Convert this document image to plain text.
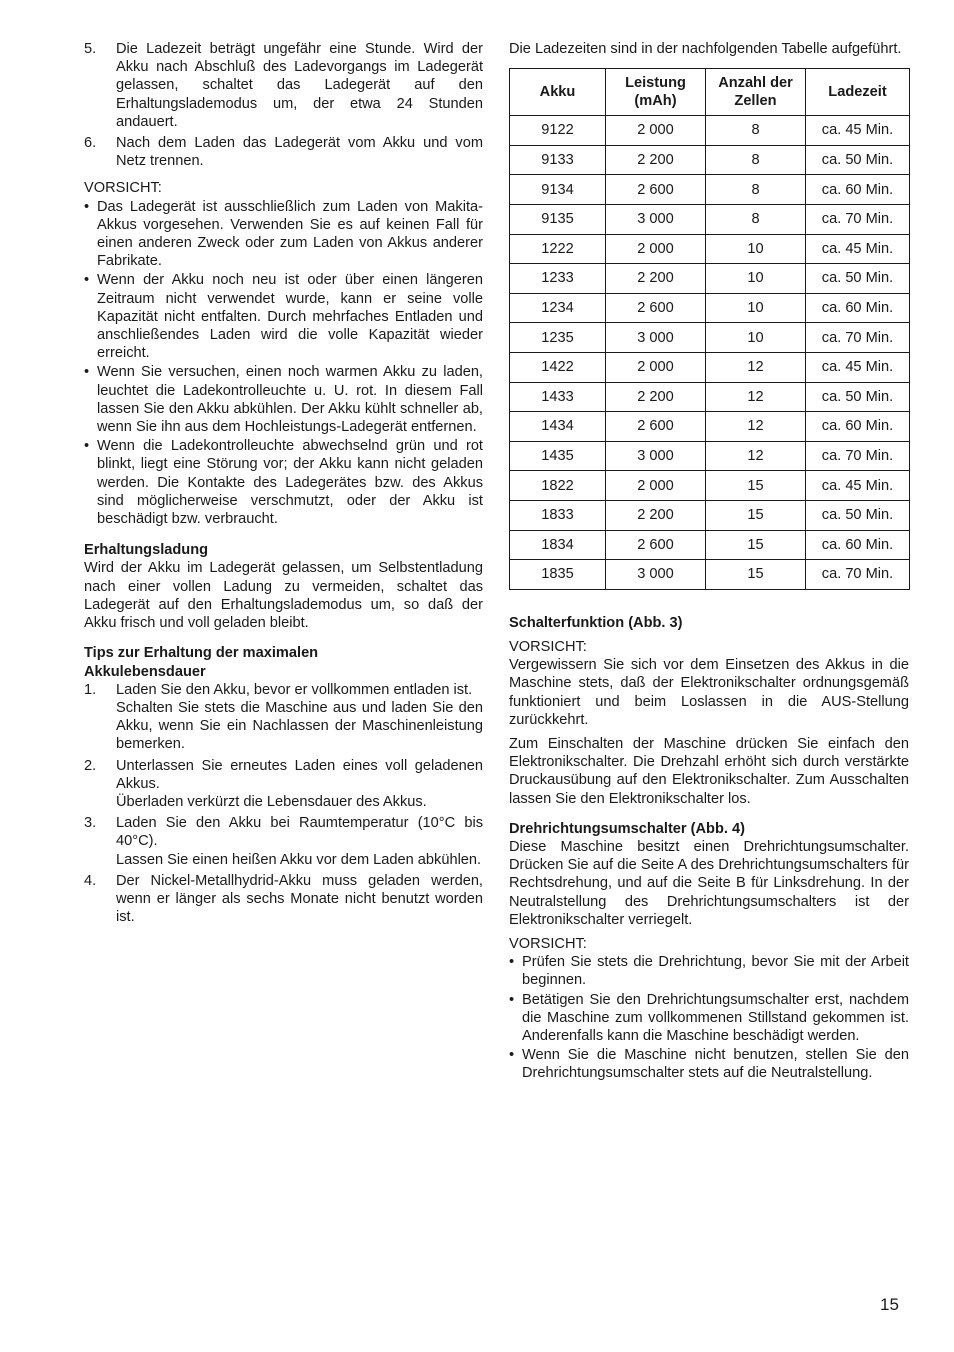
5. Die Ladezeit beträgt ungefähr eine Stunde. Wird der Akku nach Abschluß des Ladevorgangs im Ladegerät gelassen, schaltet das Ladegerät auf den Erhaltungslademodus um, der etwa 24 Stunden andauert.

6. Nach dem Laden das Ladegerät vom Akku und vom Netz trennen.

VORSICHT:

• Das Ladegerät ist ausschließlich zum Laden von Makita-Akkus vorgesehen. Verwenden Sie es auf keinen Fall für einen anderen Zweck oder zum Laden von Akkus anderer Fabrikate.

• Wenn der Akku noch neu ist oder über einen längeren Zeitraum nicht verwendet wurde, kann er seine volle Kapazität nicht entfalten. Durch mehrfaches Entladen und anschließendes Laden wird die volle Kapazität wieder erreicht.

• Wenn Sie versuchen, einen noch warmen Akku zu laden, leuchtet die Ladekontrolleuchte u. U. rot. In diesem Fall lassen Sie den Akku abkühlen. Der Akku kühlt schneller ab, wenn Sie ihn aus dem Hochleistungs-Ladegerät entfernen.

• Wenn die Ladekontrolleuchte abwechselnd grün und rot blinkt, liegt eine Störung vor; der Akku kann nicht geladen werden. Die Kontakte des Ladegerätes bzw. des Akkus sind möglicherweise verschmutzt, oder der Akku ist beschädigt bzw. verbraucht.

Erhaltungsladung

Wird der Akku im Ladegerät gelassen, um Selbstentladung nach einer vollen Ladung zu vermeiden, schaltet das Ladegerät auf den Erhaltungslademodus um, so daß der Akku frisch und voll geladen bleibt.

Tips zur Erhaltung der maximalen
Akkulebensdauer

1. Laden Sie den Akku, bevor er vollkommen entladen ist.

Schalten Sie stets die Maschine aus und laden Sie den Akku, wenn Sie ein Nachlassen der Maschinenleistung bemerken.

2. Unterlassen Sie erneutes Laden eines voll geladenen Akkus.

Überladen verkürzt die Lebensdauer des Akkus.

3. Laden Sie den Akku bei Raumtemperatur (10°C bis 40°C).

Lassen Sie einen heißen Akku vor dem Laden abkühlen.

4. Der Nickel-Metallhydrid-Akku muss geladen werden, wenn er länger als sechs Monate nicht benutzt worden ist.

Die Ladezeiten sind in der nachfolgenden Tabelle aufgeführt.

Akku	Leistung (mAh)	Anzahl der Zellen	Ladezeit
9122	2 000	8	ca. 45 Min.
9133	2 200	8	ca. 50 Min.
9134	2 600	8	ca. 60 Min.
9135	3 000	8	ca. 70 Min.
1222	2 000	10	ca. 45 Min.
1233	2 200	10	ca. 50 Min.
1234	2 600	10	ca. 60 Min.
1235	3 000	10	ca. 70 Min.
1422	2 000	12	ca. 45 Min.
1433	2 200	12	ca. 50 Min.
1434	2 600	12	ca. 60 Min.
1435	3 000	12	ca. 70 Min.
1822	2 000	15	ca. 45 Min.
1833	2 200	15	ca. 50 Min.
1834	2 600	15	ca. 60 Min.
1835	3 000	15	ca. 70 Min.

Schalterfunktion (Abb. 3)

VORSICHT:

Vergewissern Sie sich vor dem Einsetzen des Akkus in die Maschine stets, daß der Elektronikschalter ordnungsgemäß funktioniert und beim Loslassen in die AUS-Stellung zurückkehrt.

Zum Einschalten der Maschine drücken Sie einfach den Elektronikschalter. Die Drehzahl erhöht sich durch verstärkte Druckausübung auf den Elektronikschalter. Zum Ausschalten lassen Sie den Elektronikschalter los.

Drehrichtungsumschalter (Abb. 4)

Diese Maschine besitzt einen Drehrichtungsumschalter. Drücken Sie auf die Seite A des Drehrichtungsumschalters für Rechtsdrehung, und auf die Seite B für Linksdrehung. In der Neutralstellung des Drehrichtungsumschalters ist der Elektronikschalter verriegelt.

VORSICHT:

• Prüfen Sie stets die Drehrichtung, bevor Sie mit der Arbeit beginnen.

• Betätigen Sie den Drehrichtungsumschalter erst, nachdem die Maschine zum vollkommenen Stillstand gekommen ist. Anderenfalls kann die Maschine beschädigt werden.

• Wenn Sie die Maschine nicht benutzen, stellen Sie den Drehrichtungsumschalter stets auf die Neutralstellung.

15
